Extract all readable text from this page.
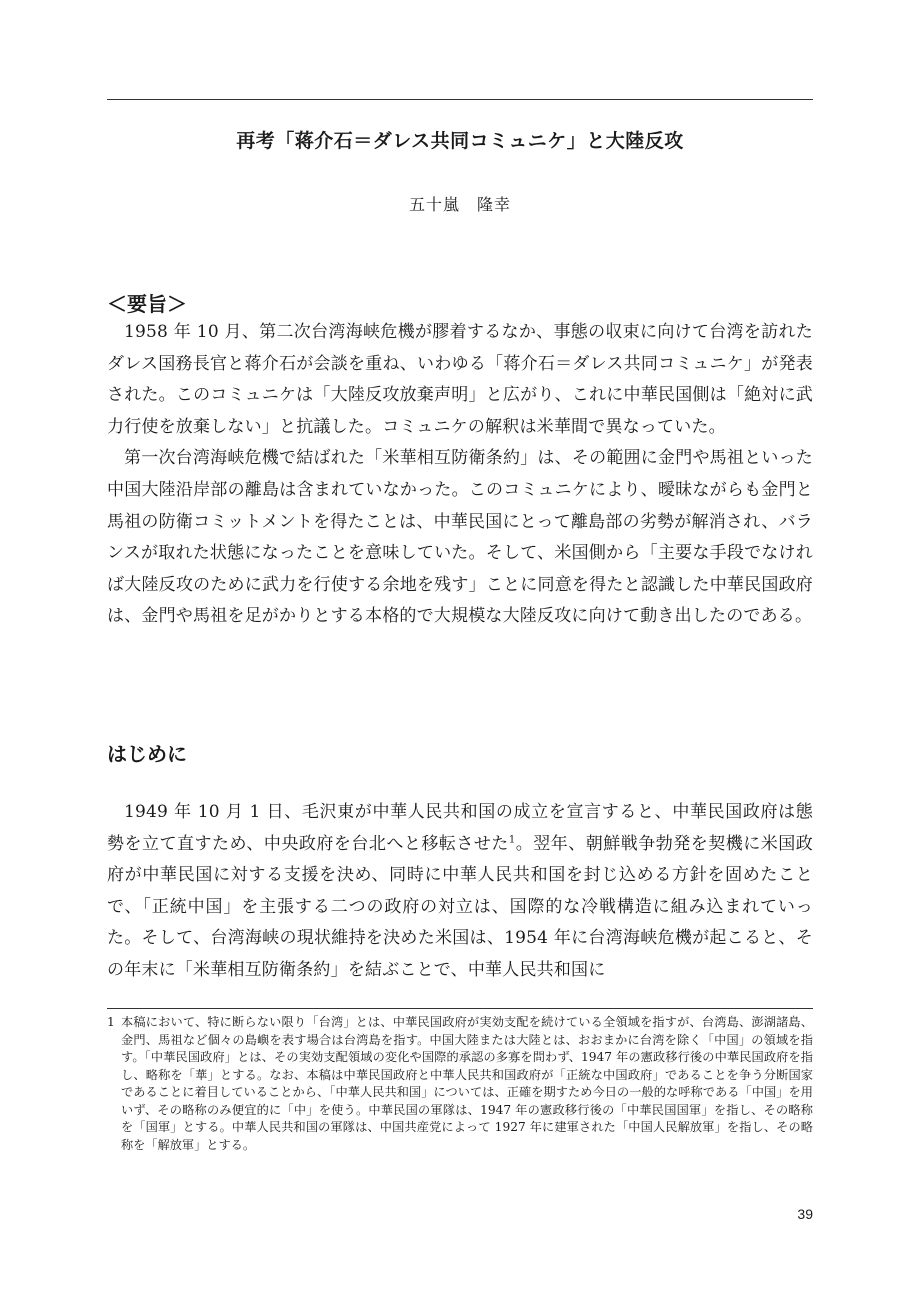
再考「蒋介石＝ダレス共同コミュニケ」と大陸反攻
五十嵐　隆幸
＜要旨＞

1958 年 10 月、第二次台湾海峡危機が膠着するなか、事態の収束に向けて台湾を訪れたダレス国務長官と蒋介石が会談を重ね、いわゆる「蒋介石＝ダレス共同コミュニケ」が発表された。このコミュニケは「大陸反攻放棄声明」と広がり、これに中華民国側は「絶対に武力行使を放棄しない」と抗議した。コミュニケの解釈は米華間で異なっていた。

第一次台湾海峡危機で結ばれた「米華相互防衛条約」は、その範囲に金門や馬祖といった中国大陸沿岸部の離島は含まれていなかった。このコミュニケにより、曖昧ながらも金門と馬祖の防衛コミットメントを得たことは、中華民国にとって離島部の劣勢が解消され、バランスが取れた状態になったことを意味していた。そして、米国側から「主要な手段でなければ大陸反攻のために武力を行使する余地を残す」ことに同意を得たと認識した中華民国政府は、金門や馬祖を足がかりとする本格的で大規模な大陸反攻に向けて動き出したのである。

はじめに

1949 年 10 月 1 日、毛沢東が中華人民共和国の成立を宣言すると、中華民国政府は態勢を立て直すため、中央政府を台北へと移転させた$^1$。翌年、朝鮮戦争勃発を契機に米国政府が中華民国に対する支援を決め、同時に中華人民共和国を封じ込める方針を固めたことで、「正統中国」を主張する二つの政府の対立は、国際的な冷戦構造に組み込まれていった。そして、台湾海峡の現状維持を決めた米国は、1954 年に台湾海峡危機が起こると、その年末に「米華相互防衛条約」を結ぶことで、中華人民共和国に

1 本稿において、特に断らない限り「台湾」とは、中華民国政府が実効支配を続けている全領域を指すが、台湾島、澎湖諸島、金門、馬祖など個々の島嶼を表す場合は台湾島を指す。中国大陸または大陸とは、おおまかに台湾を除く「中国」の領域を指す。「中華民国政府」とは、その実効支配領域の変化や国際的承認の多寡を問わず、1947 年の憲政移行後の中華民国政府を指し、略称を「華」とする。なお、本稿は中華民国政府と中華人民共和国政府が「正統な中国政府」であることを争う分断国家であることに着目していることから、「中華人民共和国」については、正確を期すため今日の一般的な呼称である「中国」を用いず、その略称のみ便宜的に「中」を使う。中華民国の軍隊は、1947 年の憲政移行後の「中華民国国軍」を指し、その略称を「国軍」とする。中華人民共和国の軍隊は、中国共産党によって 1927 年に建軍された「中国人民解放軍」を指し、その略称を「解放軍」とする。
39
